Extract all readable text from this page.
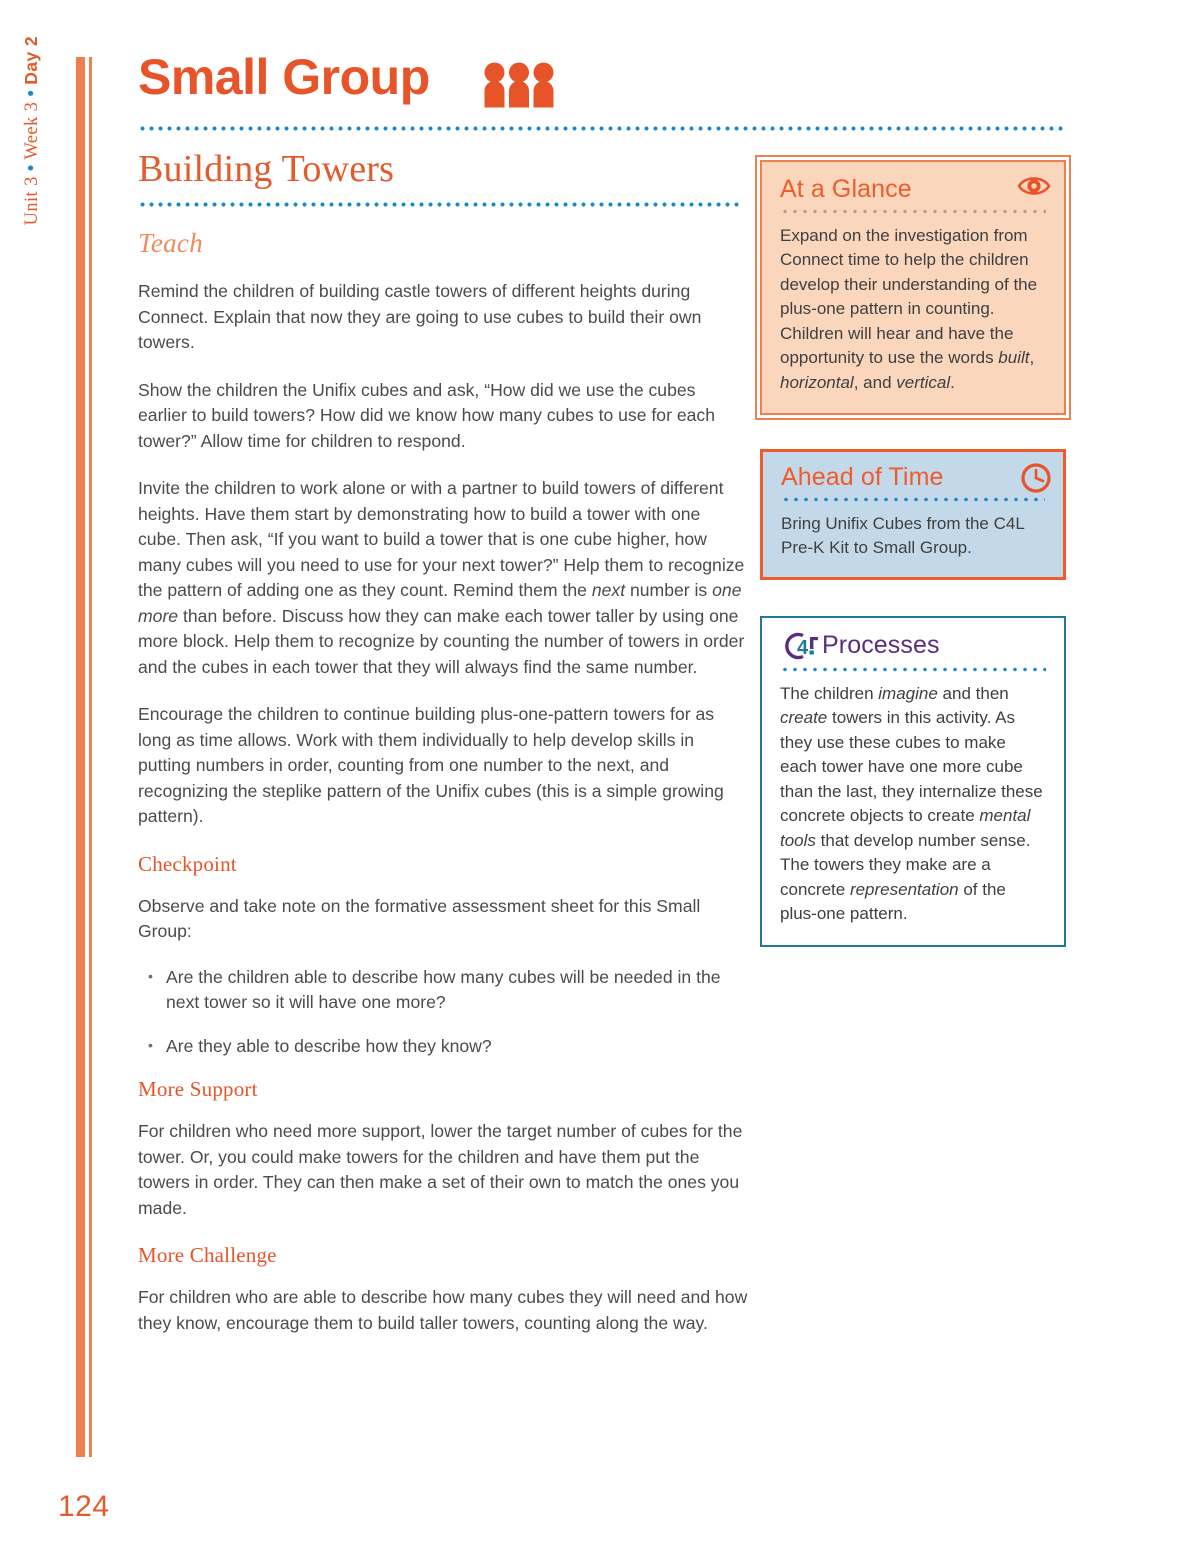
Unit 3 • Week 3 • Day 2
124
Small Group
Building Towers
Teach

Remind the children of building castle towers of different heights during Connect. Explain that now they are going to use cubes to build their own towers.

Show the children the Unifix cubes and ask, “How did we use the cubes earlier to build towers? How did we know how many cubes to use for each tower?” Allow time for children to respond.

Invite the children to work alone or with a partner to build towers of different heights. Have them start by demonstrating how to build a tower with one cube. Then ask, “If you want to build a tower that is one cube higher, how many cubes will you need to use for your next tower?” Help them to recognize the pattern of adding one as they count. Remind them the next number is one more than before. Discuss how they can make each tower taller by using one more block. Help them to recognize by counting the number of towers in order and the cubes in each tower that they will always find the same number.

Encourage the children to continue building plus-one-pattern towers for as long as time allows. Work with them individually to help develop skills in putting numbers in order, counting from one number to the next, and recognizing the steplike pattern of the Unifix cubes (this is a simple growing pattern).

Checkpoint

Observe and take note on the formative assessment sheet for this Small Group:

• Are the children able to describe how many cubes will be needed in the next tower so it will have one more?
• Are they able to describe how they know?
More Support

For children who need more support, lower the target number of cubes for the tower. Or, you could make towers for the children and have them put the towers in order. They can then make a set of their own to match the ones you made.

More Challenge

For children who are able to describe how many cubes they will need and how they know, encourage them to build taller towers, counting along the way.

At a Glance

Expand on the investigation from Connect time to help the children develop their understanding of the plus-one pattern in counting. Children will hear and have the opportunity to use the words built, horizontal, and vertical.

Ahead of Time

Bring Unifix Cubes from the C4L Pre-K Kit to Small Group.

4 Processes

The children imagine and then create towers in this activity. As they use these cubes to make each tower have one more cube than the last, they internalize these concrete objects to create mental tools that develop number sense. The towers they make are a concrete representation of the plus-one pattern.
